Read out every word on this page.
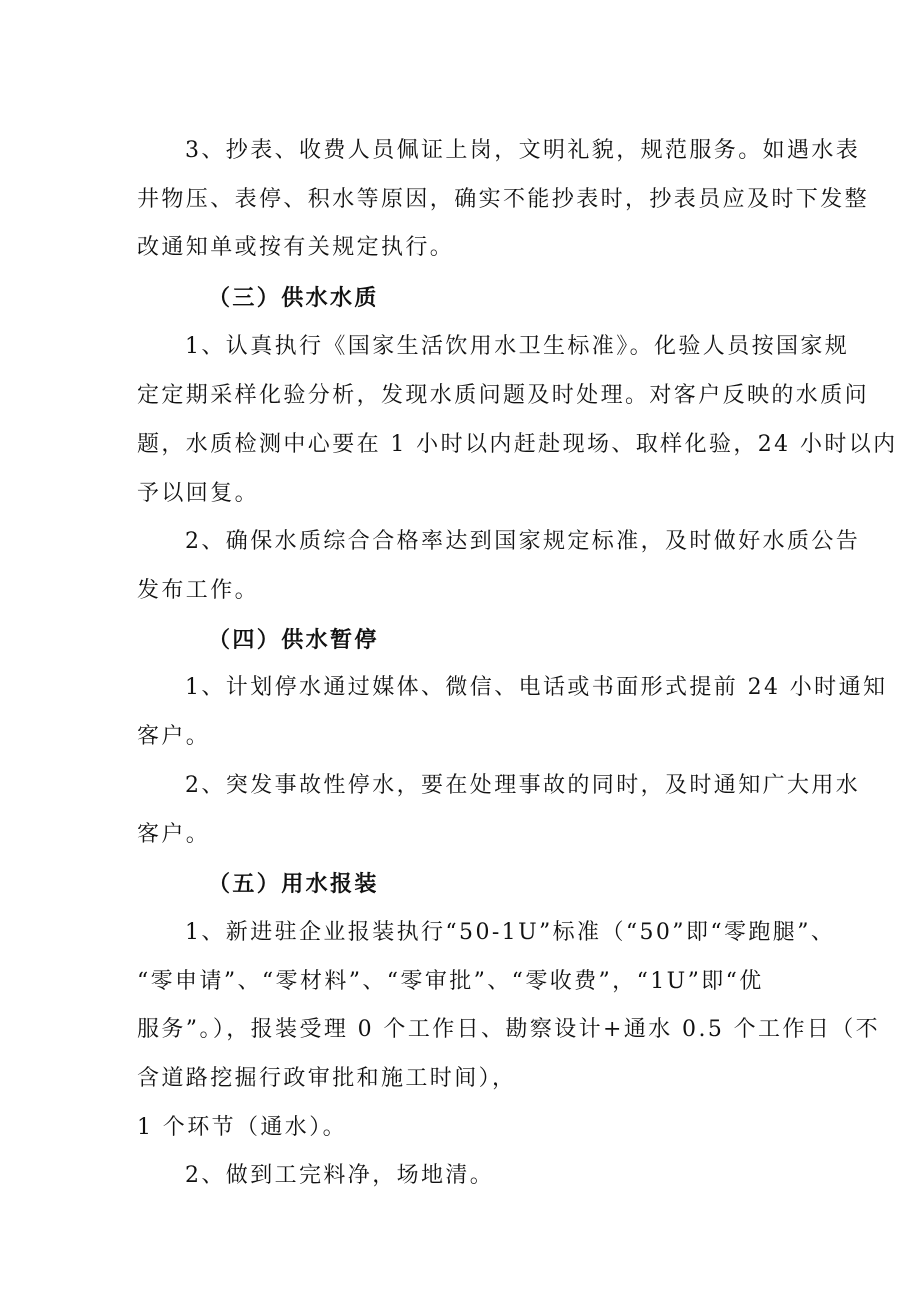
3、抄表、收费人员佩证上岗，文明礼貌，规范服务。如遇水表
井物压、表停、积水等原因，确实不能抄表时，抄表员应及时下发整
改通知单或按有关规定执行。
（三）供水水质
1、认真执行《国家生活饮用水卫生标准》。化验人员按国家规
定定期采样化验分析，发现水质问题及时处理。对客户反映的水质问
题，水质检测中心要在 1 小时以内赶赴现场、取样化验，24 小时以内
予以回复。
2、确保水质综合合格率达到国家规定标准，及时做好水质公告
发布工作。
（四）供水暂停
1、计划停水通过媒体、微信、电话或书面形式提前 24 小时通知
客户。
2、突发事故性停水，要在处理事故的同时，及时通知广大用水
客户。
（五）用水报装
1、新进驻企业报装执行“50-1U”标准（“50”即“零跑腿”、
“零申请”、“零材料”、“零审批”、“零收费”，“1U”即“优
服务”。），报装受理 0 个工作日、勘察设计+通水 0.5 个工作日（不
含道路挖掘行政审批和施工时间），
1 个环节（通水）。
2、做到工完料净，场地清。
